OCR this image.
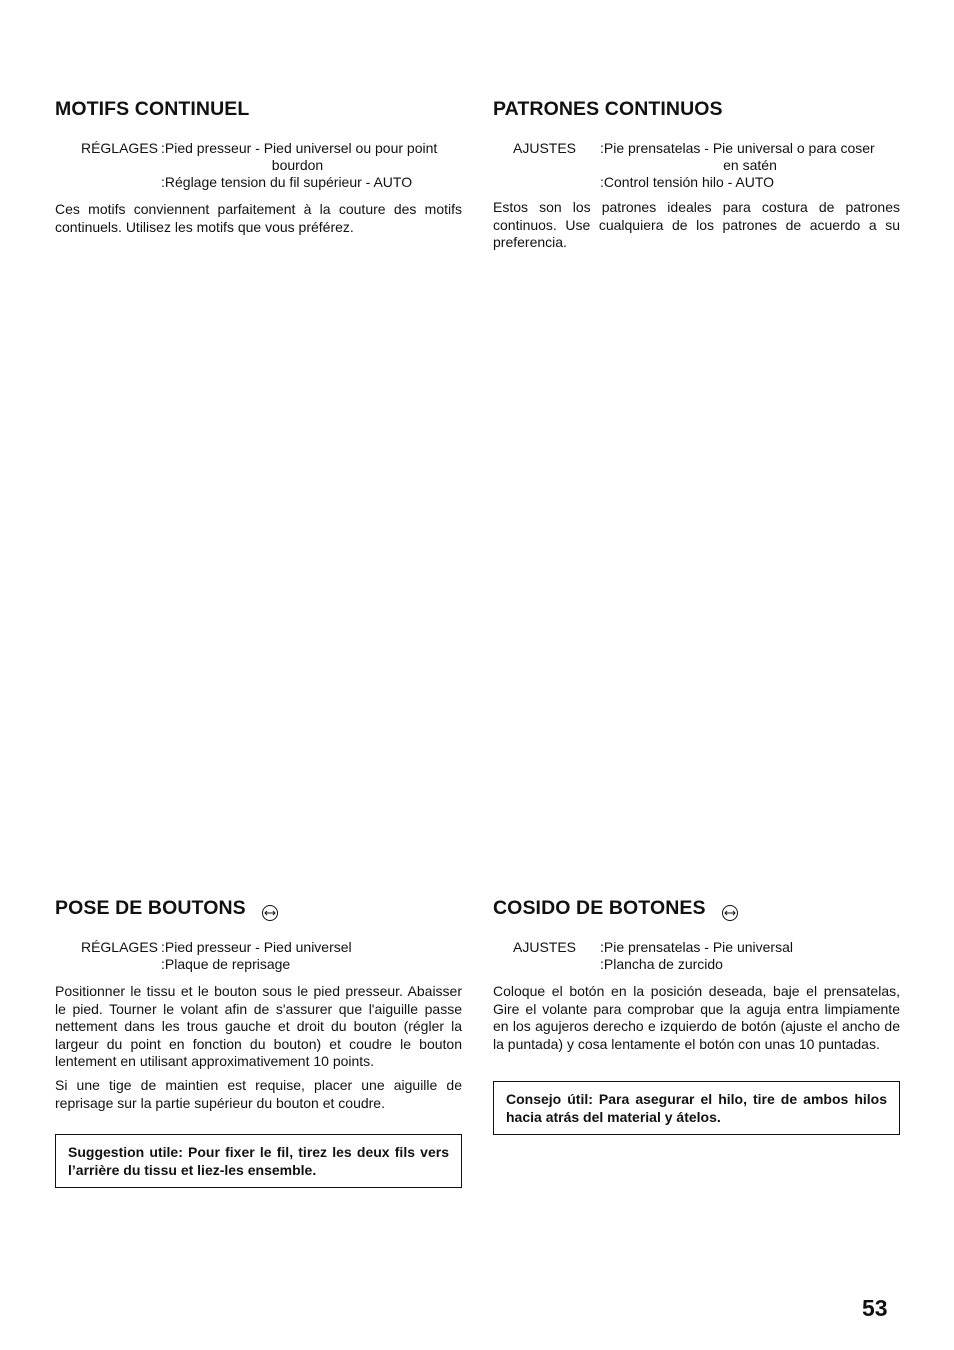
MOTIFS CONTINUEL
RÉGLAGES :Pied presseur - Pied universel ou pour point
bourdon
:Réglage tension du fil supérieur - AUTO

Ces motifs conviennent parfaitement à la couture des motifs continuels. Utilisez les motifs que vous préférez.

PATRONES CONTINUOS
AJUSTES	:Pie prensatelas - Pie universal o para coser
en satén
:Control tensión hilo - AUTO

Estos son los patrones ideales para costura de patrones continuos. Use cualquiera de los patrones de acuerdo a su preferencia.

POSE DE BOUTONS
RÉGLAGES :Pied presseur - Pied universel
:Plaque de reprisage

Positionner le tissu et le bouton sous le pied presseur. Abaisser le pied. Tourner le volant afin de s'assurer que l'aiguille passe nettement dans les trous gauche et droit du bouton (régler la largeur du point en fonction du bouton) et coudre le bouton lentement en utilisant approximativement 10 points.

Si une tige de maintien est requise, placer une aiguille de reprisage sur la partie supérieur du bouton et coudre.

Suggestion utile: Pour fixer le fil, tirez les deux fils vers l’arrière du tissu et liez-les ensemble.
COSIDO DE BOTONES
AJUSTES	:Pie prensatelas - Pie universal
:Plancha de zurcido

Coloque el botón en la posición deseada, baje el prensatelas, Gire el volante para comprobar que la aguja entra limpiamente en los agujeros derecho e izquierdo de botón (ajuste el ancho de la puntada) y cosa lentamente el botón con unas 10 puntadas.

Consejo útil: Para asegurar el hilo, tire de ambos hilos hacia atrás del material y átelos.
53
